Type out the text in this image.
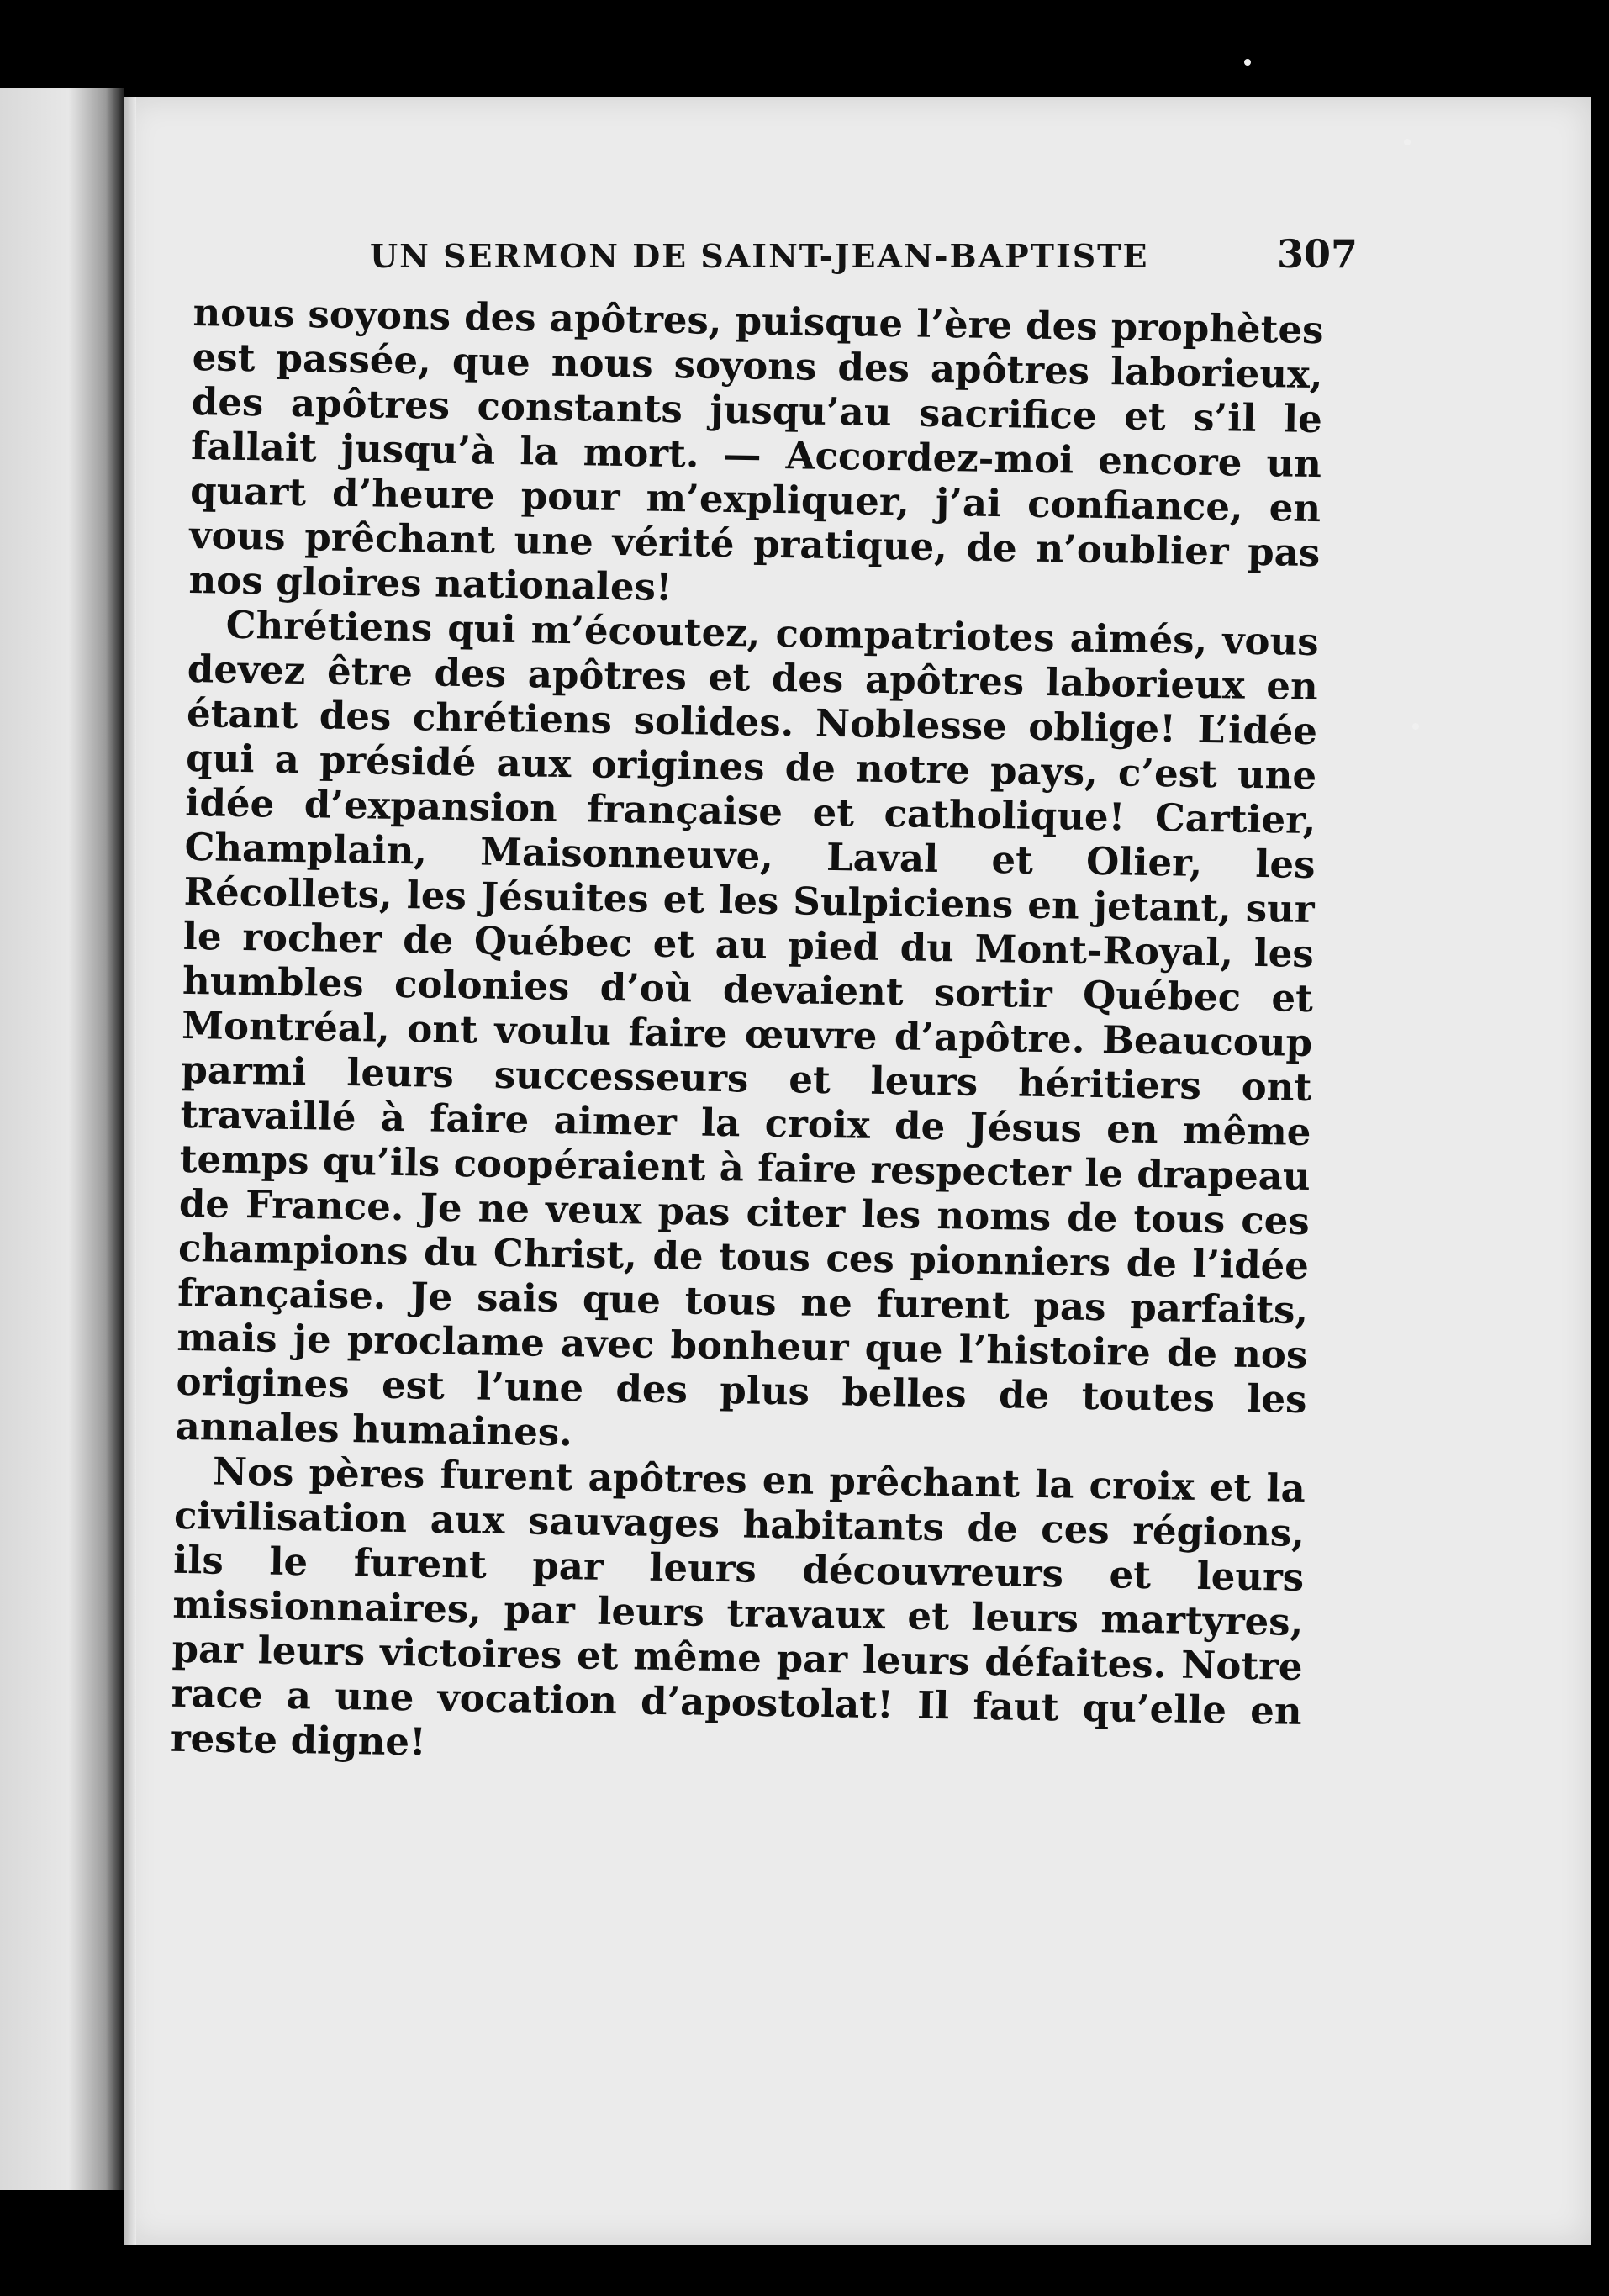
UN SERMON DE SAINT-JEAN-BAPTISTE	307

nous soyons des apôtres, puisque l’ère des prophètes est passée, que nous soyons des apôtres laborieux, des apôtres constants jusqu’au sacrifice et s’il le fallait jusqu’à la mort. — Accordez-moi encore un quart d’heure pour m’expliquer, j’ai confiance, en vous prêchant une vérité pratique, de n’oublier pas nos gloires nationales!

Chrétiens qui m’écoutez, compatriotes aimés, vous devez être des apôtres et des apôtres laborieux en étant des chrétiens solides. Noblesse oblige! L’idée qui a présidé aux origines de notre pays, c’est une idée d’expansion française et catholique! Cartier, Champlain, Maisonneuve, Laval et Olier, les Récollets, les Jésuites et les Sulpiciens en jetant, sur le rocher de Québec et au pied du Mont-Royal, les humbles colonies d’où devaient sortir Québec et Montréal, ont voulu faire œuvre d’apôtre. Beaucoup parmi leurs successeurs et leurs héritiers ont travaillé à faire aimer la croix de Jésus en même temps qu’ils coopéraient à faire respecter le drapeau de France. Je ne veux pas citer les noms de tous ces champions du Christ, de tous ces pionniers de l’idée française. Je sais que tous ne furent pas parfaits, mais je proclame avec bonheur que l’histoire de nos origines est l’une des plus belles de toutes les annales humaines.

Nos pères furent apôtres en prêchant la croix et la civilisation aux sauvages habitants de ces régions, ils le furent par leurs découvreurs et leurs missionnaires, par leurs travaux et leurs martyres, par leurs victoires et même par leurs défaites. Notre race a une vocation d’apostolat! Il faut qu’elle en reste digne!
